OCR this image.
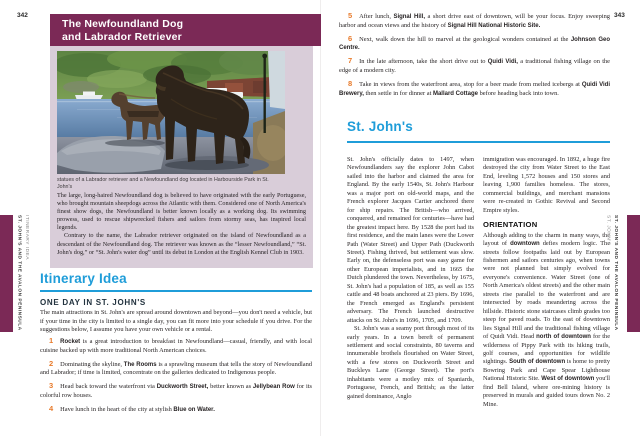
342
The Newfoundland Dog
and Labrador Retriever
statues of a Labrador retriever and a Newfoundland dog located in Harbourside Park in St. John's

The large, long-haired Newfoundland dog is believed to have originated with the early Portuguese, who brought mountain sheepdogs across the Atlantic with them. Considered one of North America's finest show dogs, the Newfoundland is better known locally as a working dog. Its swimming prowess, used to rescue shipwrecked fishers and sailors from stormy seas, has inspired local legends.

Contrary to the name, the Labrador retriever originated on the island of Newfoundland as a descendant of the Newfoundland dog. The retriever was known as the “lesser Newfoundland,” “St. John's dog,” or “St. John's water dog” until its debut in London at the English Kennel Club in 1903.

Itinerary Idea
ONE DAY IN ST. JOHN'S

The main attractions in St. John's are spread around downtown and beyond—you don't need a vehicle, but if your time in the city is limited to a single day, you can fit more into your schedule if you drive. For the suggestions below, I assume you have your own vehicle or a rental.

1 Rocket is a great introduction to breakfast in Newfoundland—casual, friendly, and with local cuisine backed up with more traditional North American choices.
2 Dominating the skyline, The Rooms is a sprawling museum that tells the story of Newfoundland and Labrador; if time is limited, concentrate on the galleries dedicated to Indigenous people.
3 Head back toward the waterfront via Duckworth Street, better known as Jellybean Row for its colorful row houses.
4 Have lunch in the heart of the city at stylish Blue on Water.
ST. JOHN'S AND THE AVALON PENINSULA ITINERARY IDEA
343
5 After lunch, Signal Hill, a short drive east of downtown, will be your focus. Enjoy sweeping harbor and ocean views and the history of Signal Hill National Historic Site.
6 Next, walk down the hill to marvel at the geological wonders contained at the Johnson Geo Centre.
7 In the late afternoon, take the short drive out to Quidi Vidi, a traditional fishing village on the edge of a modern city.
8 Take in views from the waterfront area, stop for a beer made from melted icebergs at Quidi Vidi Brewery, then settle in for dinner at Mallard Cottage before heading back into town.
St. John's

St. John's officially dates to 1497, when Newfoundlanders say the explorer John Cabot sailed into the harbor and claimed the area for England. By the early 1540s, St. John's Harbour was a major port on old-world maps, and the French explorer Jacques Cartier anchored there for ship repairs. The British—who arrived, conquered, and remained for centuries—have had the greatest impact here. By 1528 the port had its first residence, and the main lanes were the Lower Path (Water Street) and Upper Path (Duckworth Street). Fishing thrived, but settlement was slow. Early on, the defenseless port was easy game for other European imperialists, and in 1665 the Dutch plundered the town. Nevertheless, by 1675, St. John's had a population of 185, as well as 155 cattle and 48 boats anchored at 23 piers. By 1696, the French emerged as England's persistent adversary. The French launched destructive attacks on St. John's in 1696, 1705, and 1709.

St. John's was a seamy port through most of its early years. In a town bereft of permanent settlement and social constraints, 80 taverns and innumerable brothels flourished on Water Street, with a few stores on Duckworth Street and Buckleys Lane (George Street). The port's inhabitants were a motley mix of Spaniards, Portuguese, French, and British; as the latter gained dominance, Anglo

immigration was encouraged. In 1892, a huge fire destroyed the city from Water Street to the East End, leveling 1,572 houses and 150 stores and leaving 1,900 families homeless. The stores, commercial buildings, and merchant mansions were re-created in Gothic Revival and Second Empire styles.

ORIENTATION

Although adding to the charm in many ways, the layout of downtown defies modern logic. The streets follow footpaths laid out by European fishermen and sailors centuries ago, when towns were not planned but simply evolved for everyone's convenience. Water Street (one of North America's oldest streets) and the other main streets rise parallel to the waterfront and are intersected by roads meandering across the hillside. Historic stone staircases climb grades too steep for paved roads. To the east of downtown lies Signal Hill and the traditional fishing village of Quidi Vidi. Head north of downtown for the wilderness of Pippy Park with its hiking trails, golf courses, and opportunities for wildlife sightings. South of downtown is home to pretty Bowring Park and Cape Spear Lighthouse National Historic Site. West of downtown you'll find Bell Island, where ore-mining history is preserved in murals and guided tours down No. 2 Mine.

ST. JOHN'S ST. JOHN'S AND THE AVALON PENINSULA
